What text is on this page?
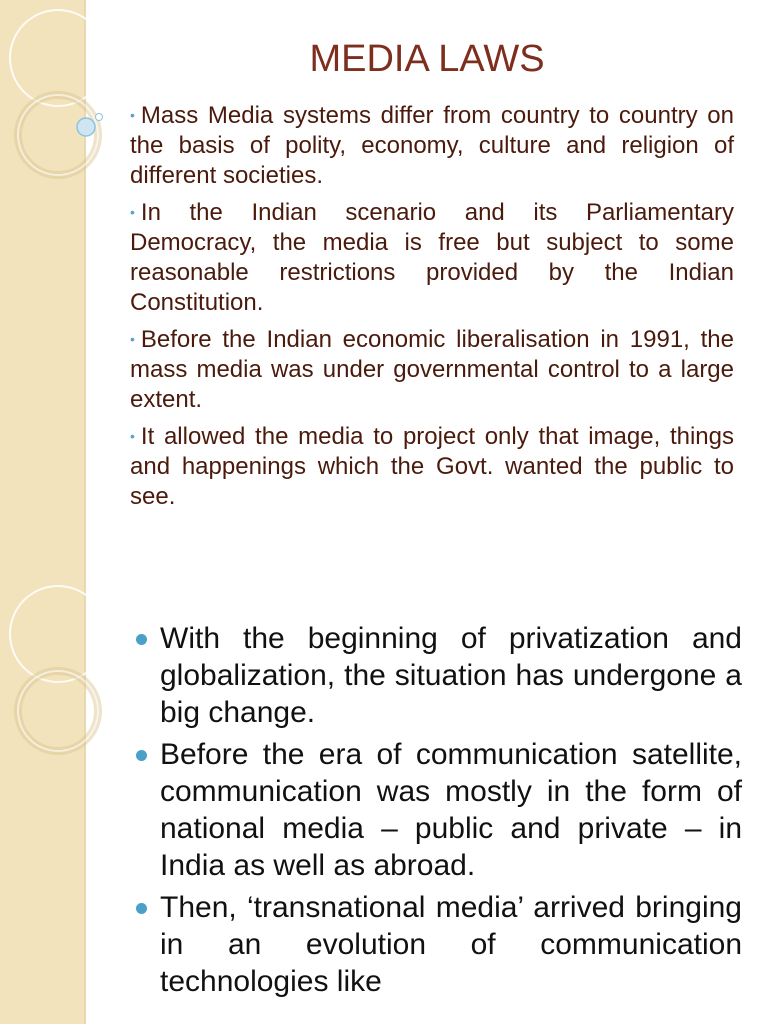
MEDIA LAWS
• Mass Media systems differ from country to country on the basis of polity, economy, culture and religion of different societies.
• In the Indian scenario and its Parliamentary Democracy, the media is free but subject to some reasonable restrictions provided by the Indian Constitution.
• Before the Indian economic liberalisation in 1991, the mass media was under governmental control to a large extent.
• It allowed the media to project only that image, things and happenings which the Govt. wanted the public to see.
With the beginning of privatization and globalization, the situation has undergone a big change.
Before the era of communication satellite, communication was mostly in the form of national media – public and private – in India as well as abroad.
Then, ‘transnational media’ arrived bringing in an evolution of communication technologies like
